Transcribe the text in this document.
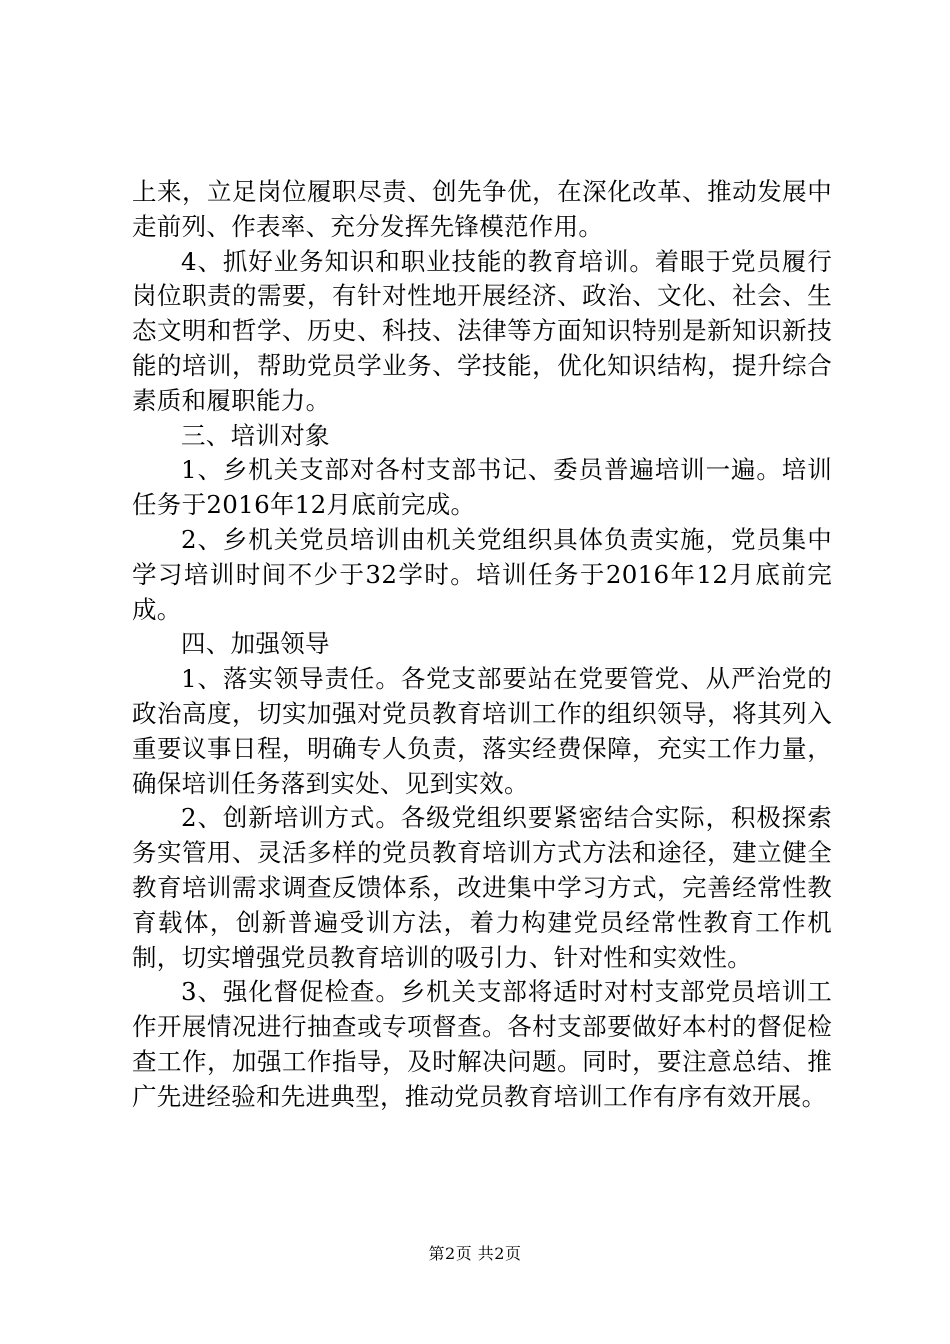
上来，立足岗位履职尽责、创先争优，在深化改革、推动发展中走前列、作表率、充分发挥先锋模范作用。

4、抓好业务知识和职业技能的教育培训。着眼于党员履行岗位职责的需要，有针对性地开展经济、政治、文化、社会、生态文明和哲学、历史、科技、法律等方面知识特别是新知识新技能的培训，帮助党员学业务、学技能，优化知识结构，提升综合素质和履职能力。

三、培训对象

1、乡机关支部对各村支部书记、委员普遍培训一遍。培训任务于2016年12月底前完成。

2、乡机关党员培训由机关党组织具体负责实施，党员集中学习培训时间不少于32学时。培训任务于2016年12月底前完成。

四、加强领导

1、落实领导责任。各党支部要站在党要管党、从严治党的政治高度，切实加强对党员教育培训工作的组织领导，将其列入重要议事日程，明确专人负责，落实经费保障，充实工作力量，确保培训任务落到实处、见到实效。

2、创新培训方式。各级党组织要紧密结合实际，积极探索务实管用、灵活多样的党员教育培训方式方法和途径，建立健全教育培训需求调查反馈体系，改进集中学习方式，完善经常性教育载体，创新普遍受训方法，着力构建党员经常性教育工作机制，切实增强党员教育培训的吸引力、针对性和实效性。

3、强化督促检查。乡机关支部将适时对村支部党员培训工作开展情况进行抽查或专项督查。各村支部要做好本村的督促检查工作，加强工作指导，及时解决问题。同时，要注意总结、推广先进经验和先进典型，推动党员教育培训工作有序有效开展。

第2页 共2页
